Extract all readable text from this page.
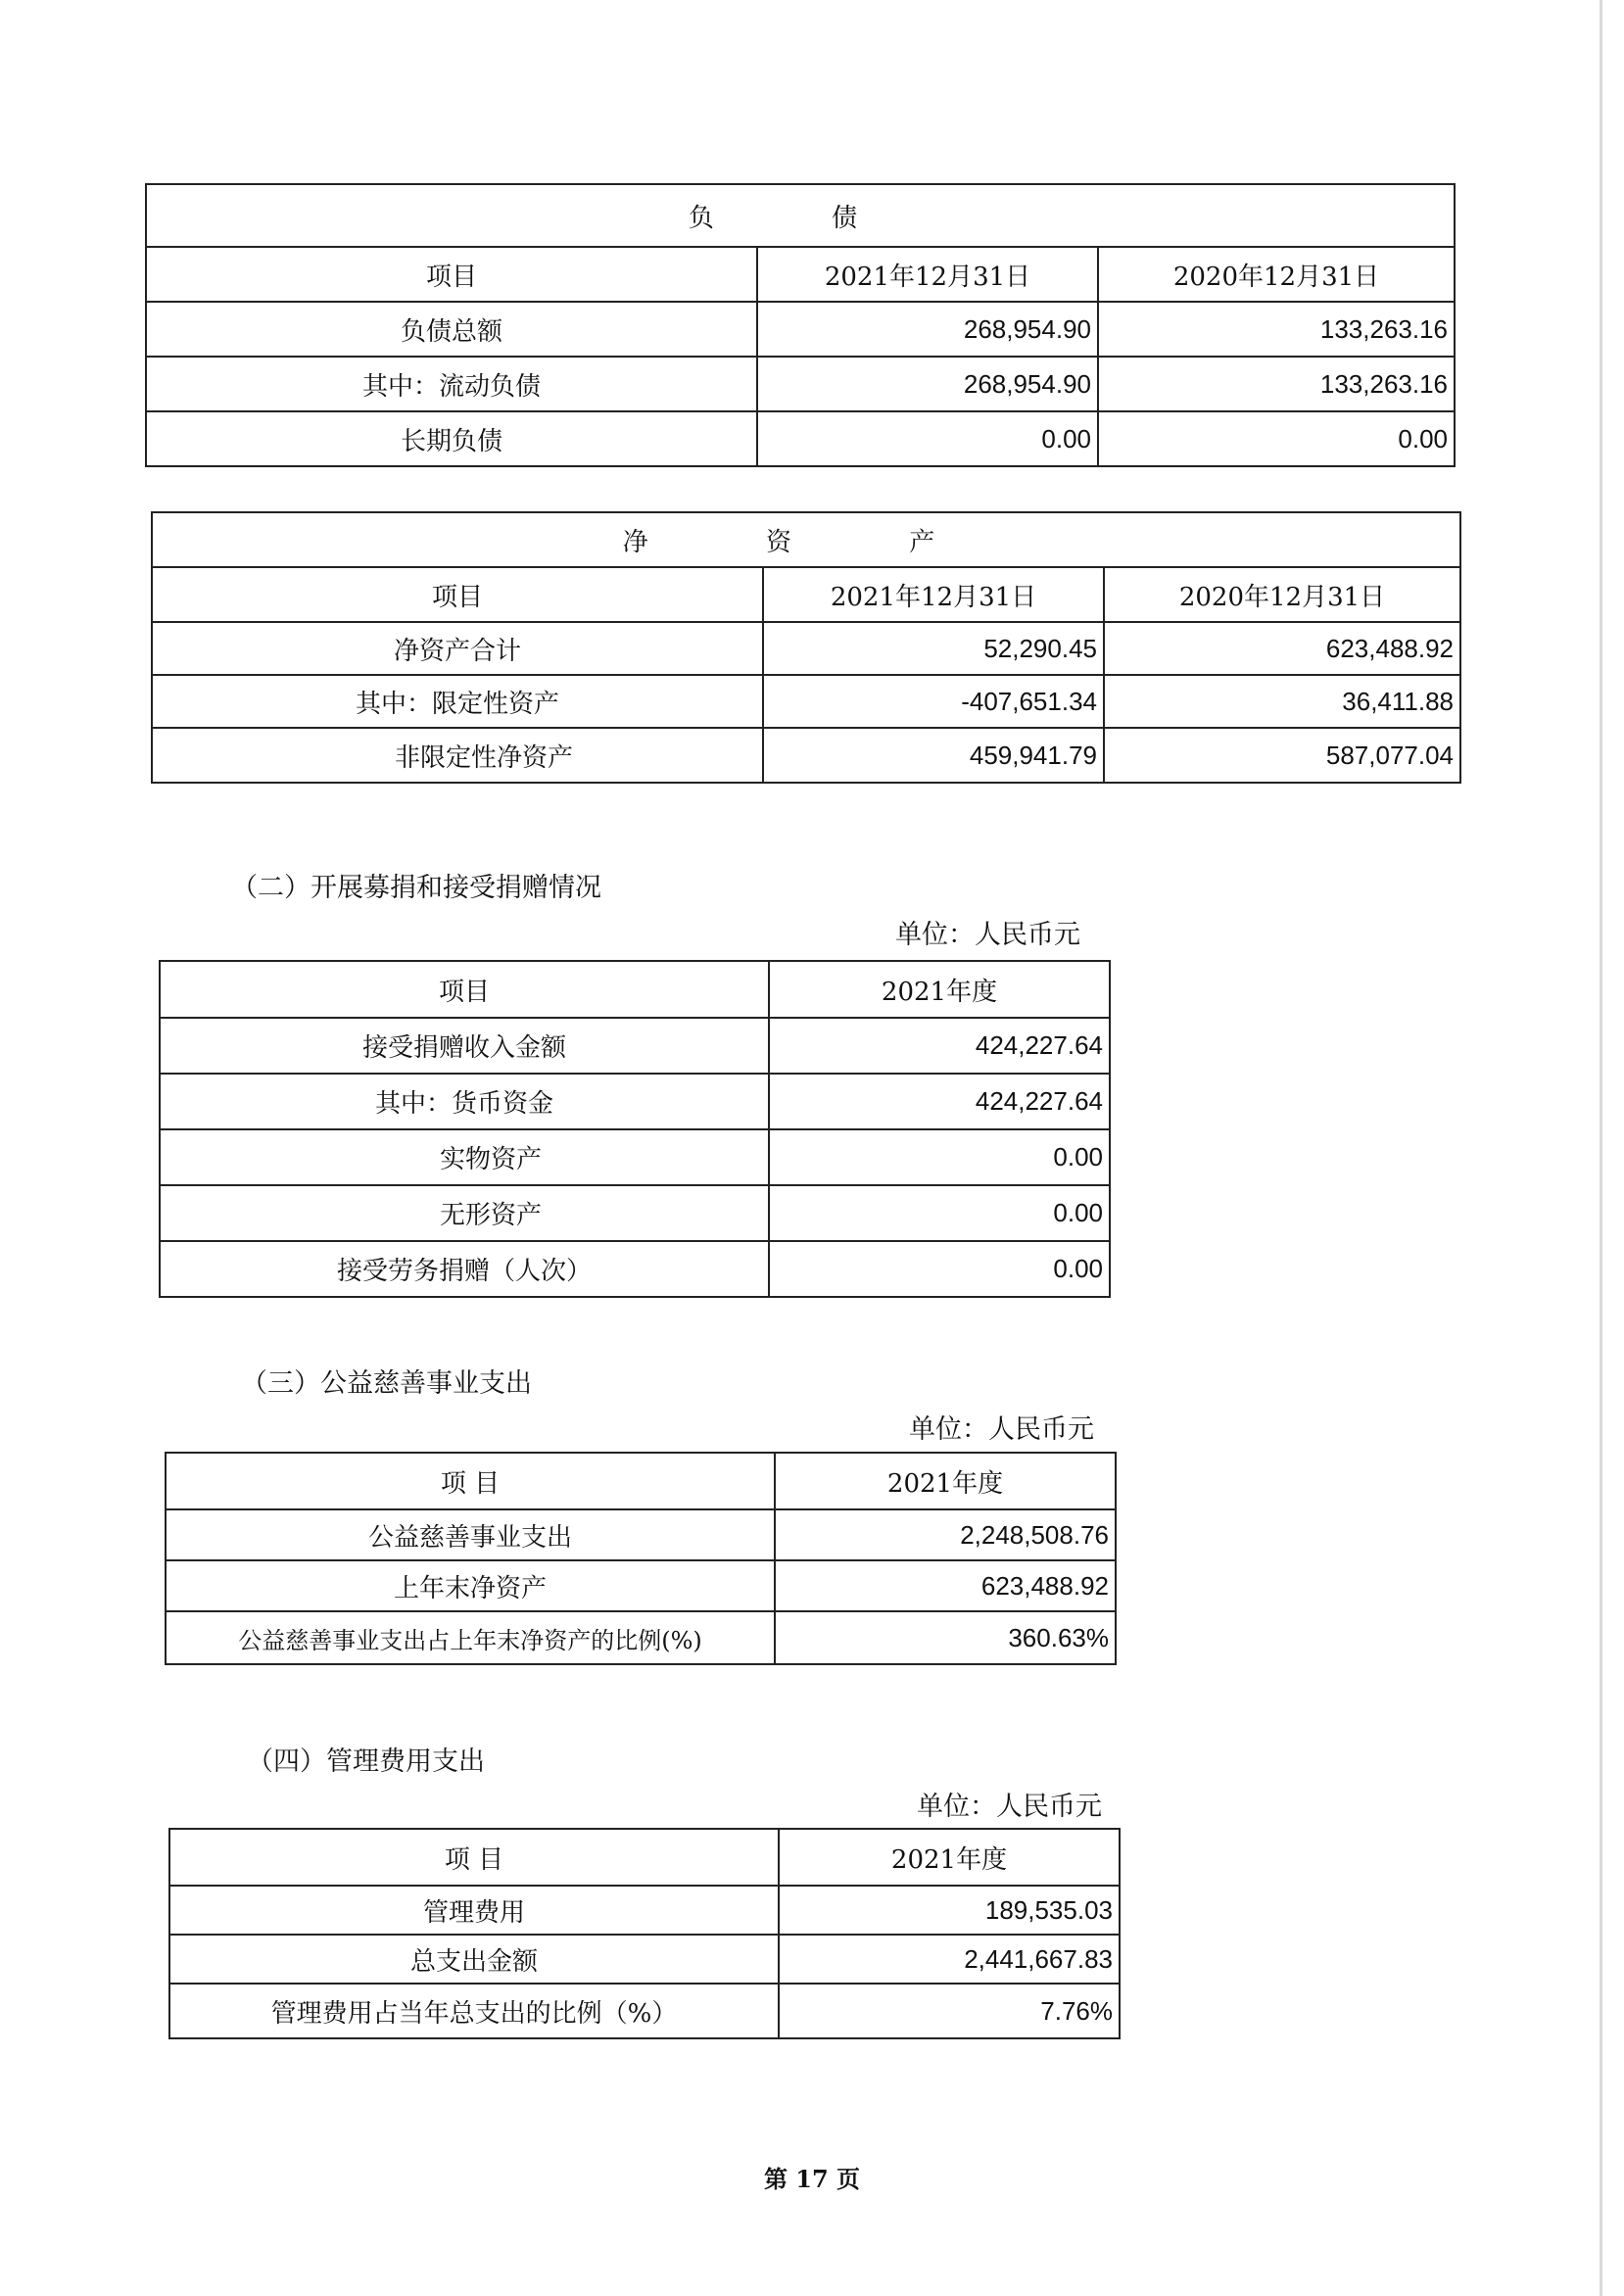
负 债		
项目	2021年12月31日	2020年12月31日
负债总额	268,954.90	133,263.16
其中：流动负债	268,954.90	133,263.16
长期负债	0.00	0.00
净 资 产		
项目	2021年12月31日	2020年12月31日
净资产合计	52,290.45	623,488.92
其中：限定性资产	-407,651.34	36,411.88
非限定性净资产	459,941.79	587,077.04
（二）开展募捐和接受捐赠情况
单位：人民币元
项目	2021年度
接受捐赠收入金额	424,227.64
其中：货币资金	424,227.64
实物资产	0.00
无形资产	0.00
接受劳务捐赠（人次）	0.00
（三）公益慈善事业支出
单位：人民币元
项 目	2021年度
公益慈善事业支出	2,248,508.76
上年末净资产	623,488.92
公益慈善事业支出占上年末净资产的比例(%)	360.63%
（四）管理费用支出
单位：人民币元
项 目	2021年度
管理费用	189,535.03
总支出金额	2,441,667.83
管理费用占当年总支出的比例（%）	7.76%
第 17 页
